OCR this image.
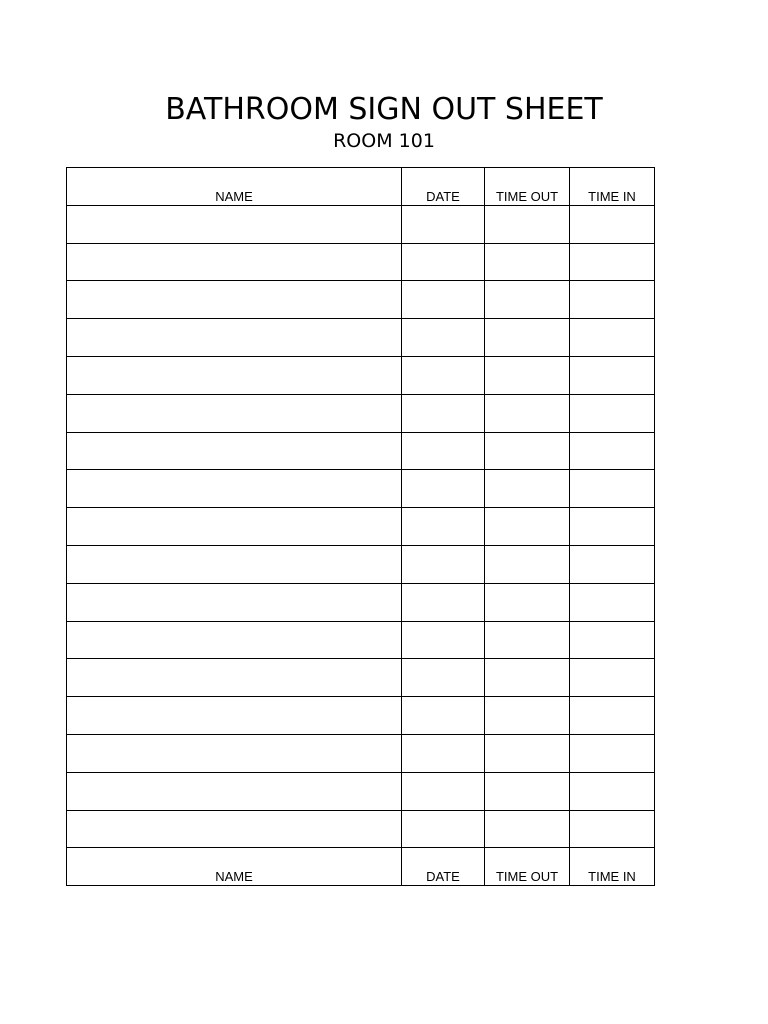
BATHROOM SIGN OUT SHEET
ROOM 101
NAME	DATE	TIME OUT	TIME IN

NAME	DATE	TIME OUT	TIME IN
